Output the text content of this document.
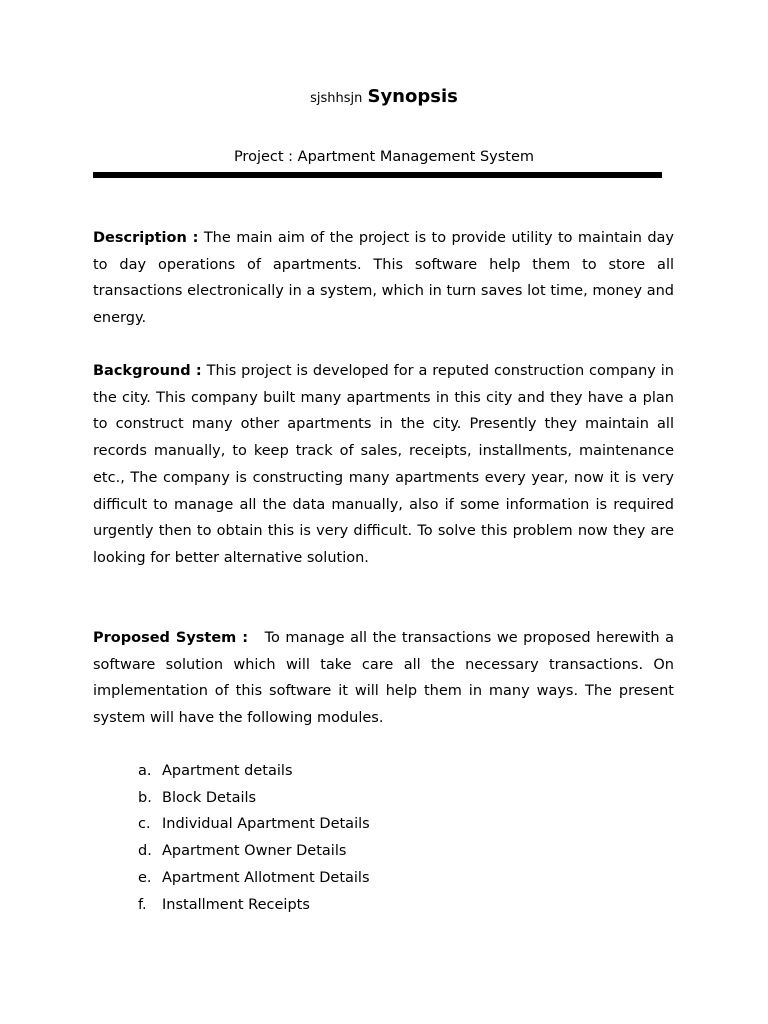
sjshhsjn Synopsis
Project : Apartment Management System

Description : The main aim of the project is to provide utility to maintain day to day operations of apartments. This software help them to store all transactions electronically in a system, which in turn saves lot time, money and energy.

Background : This project is developed for a reputed construction company in the city. This company built many apartments in this city and they have a plan to construct many other apartments in the city. Presently they maintain all records manually, to keep track of sales, receipts, installments, maintenance etc., The company is constructing many apartments every year, now it is very difficult to manage all the data manually, also if some information is required urgently then to obtain this is very difficult. To solve this problem now they are looking for better alternative solution.

Proposed System : To manage all the transactions we proposed herewith a software solution which will take care all the necessary transactions. On implementation of this software it will help them in many ways. The present system will have the following modules.

a. Apartment details
b. Block Details
c. Individual Apartment Details
d. Apartment Owner Details
e. Apartment Allotment Details
f. Installment Receipts
